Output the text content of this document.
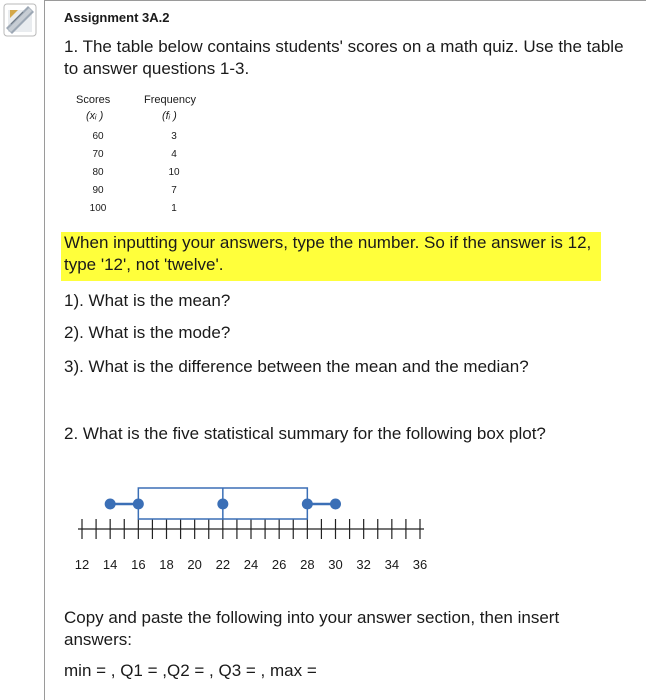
Assignment 3A.2
1. The table below contains students' scores on a math quiz. Use the table to answer questions 1-3.
Scores	Frequency
(xᵢ )	(fᵢ )
60	3
70	4
80	10
90	7
100	1
When inputting your answers, type the number. So if the answer is 12, type '12', not 'twelve'.
1). What is the mean?
2). What is the mode?
3). What is the difference between the mean and the median?
2. What is the five statistical summary for the following box plot?
12 14 16 18 20 22 24 26 28 30 32 34 36
Copy and paste the following into your answer section, then insert answers:
min = , Q1 = ,Q2 = , Q3 = , max =
